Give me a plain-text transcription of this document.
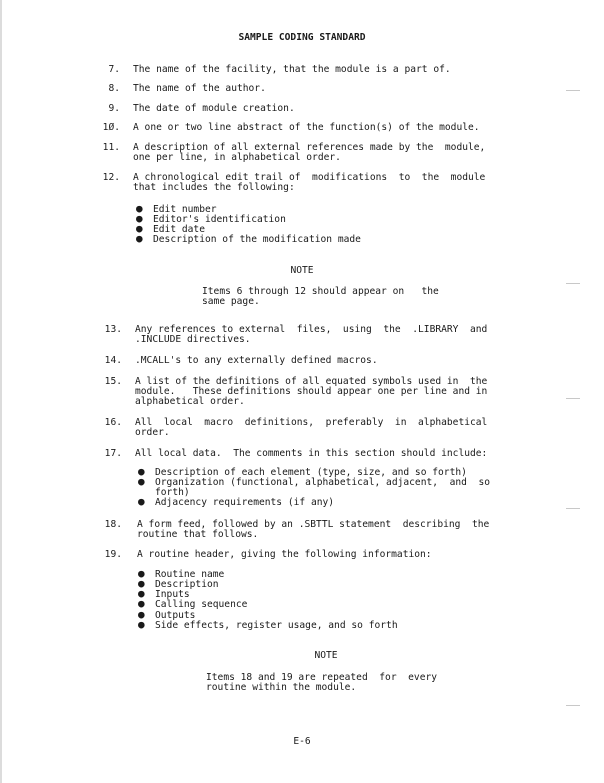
SAMPLE CODING STANDARD
7. The name of the facility, that the module is a part of.
8. The name of the author.
9. The date of module creation.
1Ø. A one or two line abstract of the function(s) of the module.
11. A description of all external references made by the  module,
one per line, in alphabetical order.
12. A chronological edit trail of  modifications  to  the  module
that includes the following:
● Edit number
● Editor's identification
● Edit date
● Description of the modification made
NOTE
Items 6 through 12 should appear on   the
same page.
13. Any references to external  files,  using  the  .LIBRARY  and
.INCLUDE directives.
14. .MCALL's to any externally defined macros.
15. A list of the definitions of all equated symbols used in  the
module.   These definitions should appear one per line and in
alphabetical order.
16. All  local  macro  definitions,  preferably  in  alphabetical
order.
17. All local data.  The comments in this section should include:
● Description of each element (type, size, and so forth)
● Organization (functional, alphabetical, adjacent,  and  so
forth)
● Adjacency requirements (if any)
18. A form feed, followed by an .SBTTL statement  describing  the
routine that follows.
19. A routine header, giving the following information:
● Routine name
● Description
● Inputs
● Calling sequence
● Outputs
● Side effects, register usage, and so forth
NOTE
Items 18 and 19 are repeated  for  every
routine within the module.
E-6
